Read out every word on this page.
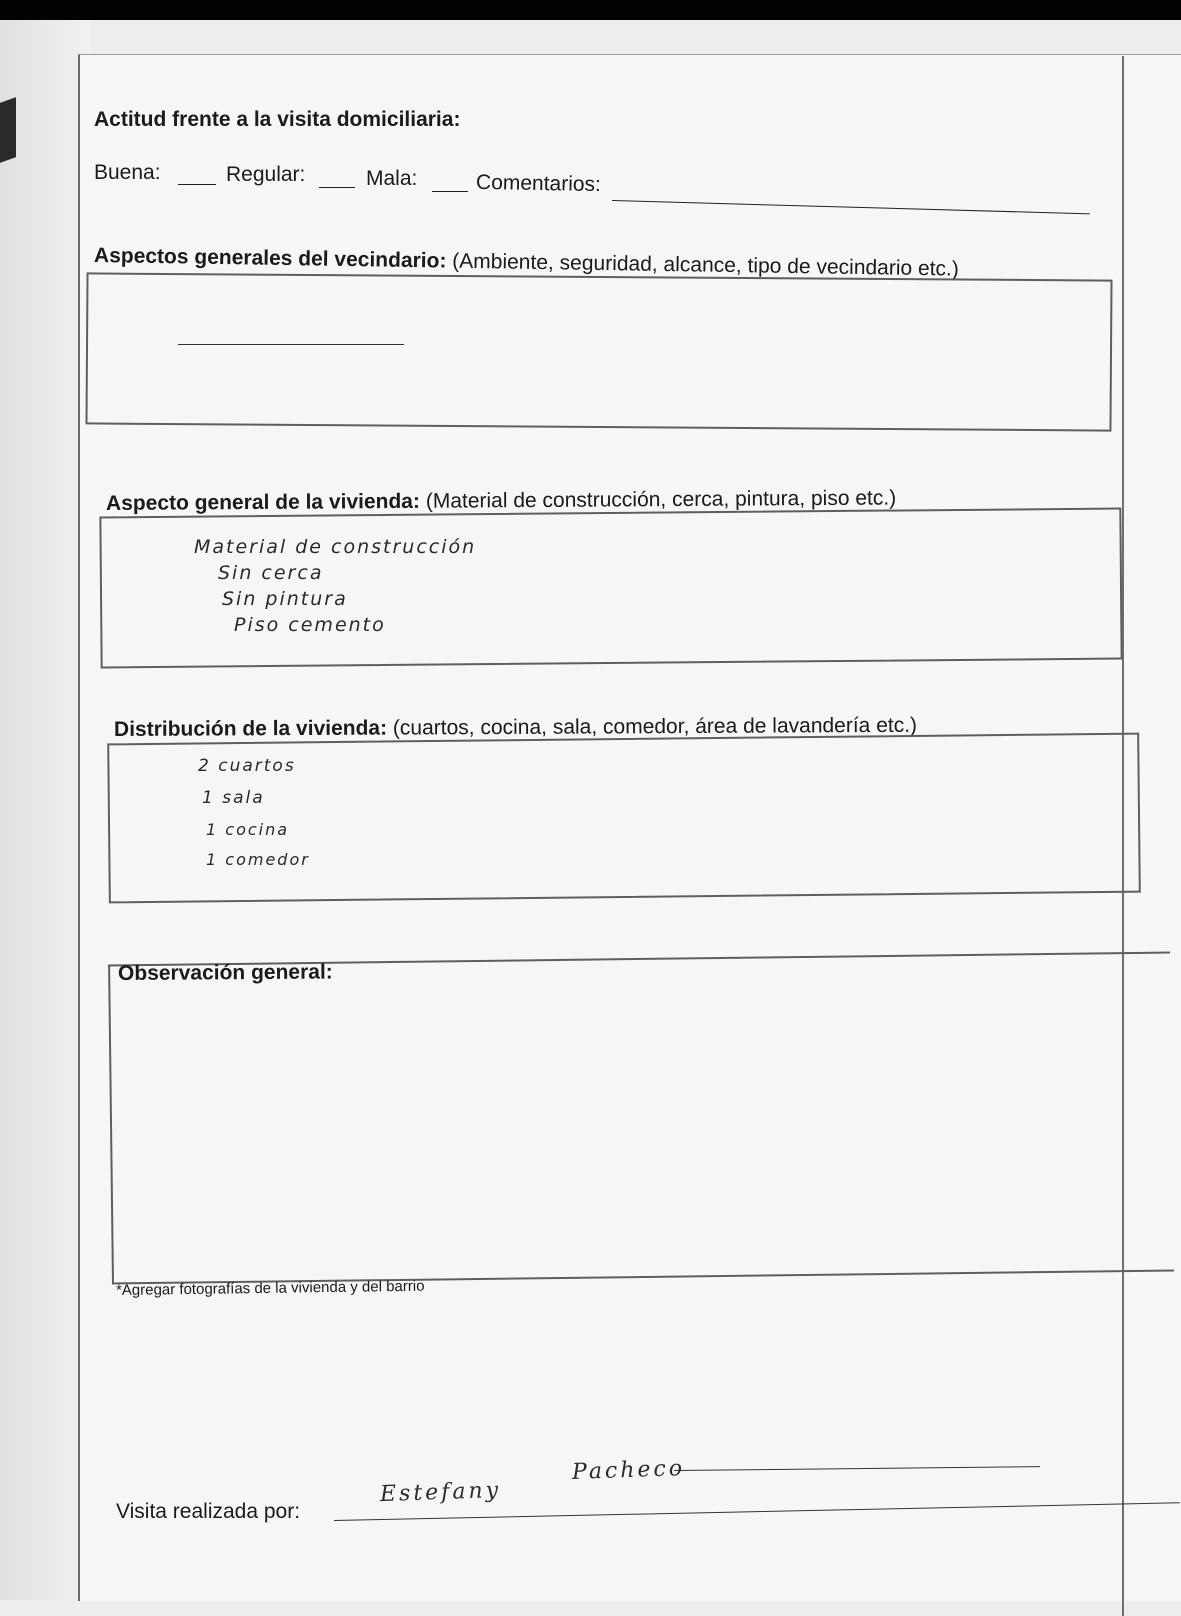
Actitud frente a la visita domiciliaria:
Buena:	Regular:	Mala:	Comentarios:
Aspectos generales del vecindario: (Ambiente, seguridad, alcance, tipo de vecindario etc.)
Aspecto general de la vivienda: (Material de construcción, cerca, pintura, piso etc.)
Material de construcción
Sin cerca
Sin pintura
Piso cemento
Distribución de la vivienda: (cuartos, cocina, sala, comedor, área de lavandería etc.)
2 cuartos
1 sala
1 cocina
1 comedor
Observación general:
*Agregar fotografías de la vivienda y del barrio
Visita realizada por:
Estefany
Pacheco
